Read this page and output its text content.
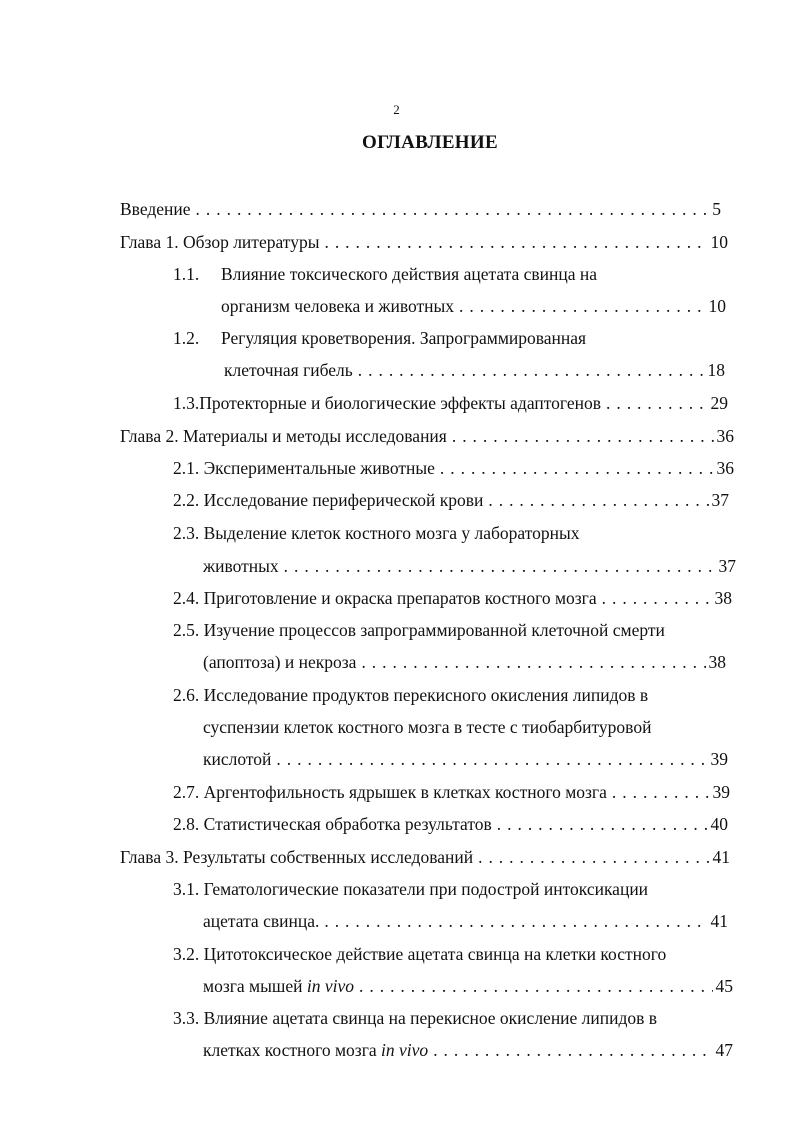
2
ОГЛАВЛЕНИЕ
Введение . . .	5
Глава 1. Обзор литературы . . .	10
1.1. Влияние токсического действия ацетата свинца на
организм человека и животных . . .	10
1.2. Регуляция кроветворения. Запрограммированная
клеточная гибель . . .	18
1.3. Протекторные и биологические эффекты адаптогенов . . .	29
Глава 2. Материалы и методы исследования . . .	36
2.1. Экспериментальные животные . . .	36
2.2. Исследование периферической крови . . .	37
2.3. Выделение клеток костного мозга у лабораторных
животных . . .	37
2.4. Приготовление и окраска препаратов костного мозга . . .	38
2.5. Изучение процессов запрограммированной клеточной смерти
(апоптоза) и некроза . . .	38
2.6. Исследование продуктов перекисного окисления липидов в
суспензии клеток костного мозга в тесте с тиобарбитуровой
кислотой . . .	39
2.7. Аргентофильность ядрышек в клетках костного мозга . . .	39
2.8. Статистическая обработка результатов . . .	40
Глава 3. Результаты собственных исследований . . .	41
3.1. Гематологические показатели при подострой интоксикации
ацетата свинца. . . .	41
3.2. Цитотоксическое действие ацетата свинца на клетки костного
мозга мышей in vivo . . .	45
3.3. Влияние ацетата свинца на перекисное окисление липидов в
клетках костного мозга in vivo . . .	47
